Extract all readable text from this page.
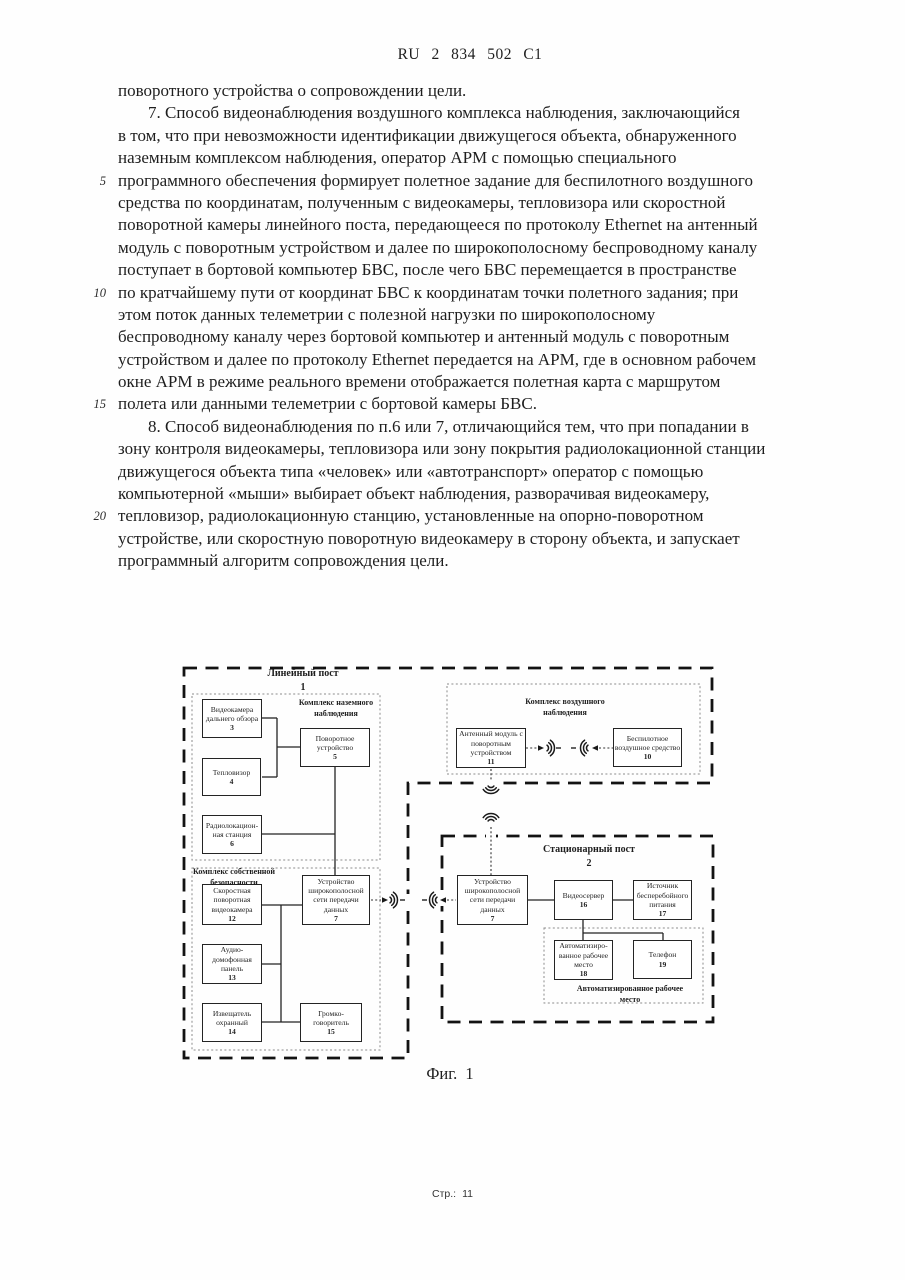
RU 2 834 502 C1
поворотного устройства о сопровождении цели.
7. Способ видеонаблюдения воздушного комплекса наблюдения, заключающийся
в том, что при невозможности идентификации движущегося объекта, обнаруженного
наземным комплексом наблюдения, оператор АРМ с помощью специального
5 программного обеспечения формирует полетное задание для беспилотного воздушного
средства по координатам, полученным с видеокамеры, тепловизора или скоростной
поворотной камеры линейного поста, передающееся по протоколу Ethernet на антенный
модуль с поворотным устройством и далее по широкополосному беспроводному каналу
поступает в бортовой компьютер БВС, после чего БВС перемещается в пространстве
10 по кратчайшему пути от координат БВС к координатам точки полетного задания; при
этом поток данных телеметрии с полезной нагрузки по широкополосному
беспроводному каналу через бортовой компьютер и антенный модуль с поворотным
устройством и далее по протоколу Ethernet передается на АРМ, где в основном рабочем
окне АРМ в режиме реального времени отображается полетная карта с маршрутом
15 полета или данными телеметрии с бортовой камеры БВС.
8. Способ видеонаблюдения по п.6 или 7, отличающийся тем, что при попадании в
зону контроля видеокамеры, тепловизора или зону покрытия радиолокационной станции
движущегося объекта типа «человек» или «автотранспорт» оператор с помощью
компьютерной «мыши» выбирает объект наблюдения, разворачивая видеокамеру,
20 тепловизор, радиолокационную станцию, установленные на опорно-поворотном
устройстве, или скоростную поворотную видеокамеру в сторону объекта, и запускает
программный алгоритм сопровождения цели.
Видеокамера
дальнего обзора
3
Тепловизор
4
Поворотное
устройство
5
Радиолокацион-
ная станция
6
Скоростная
поворотная
видеокамера
12
Устройство
широкополосной
сети передачи
данных
7
Аудио-
домофонная
панель
13
Извещатель
охранный
14
Громко-
говоритель
15
Антенный модуль с
поворотным
устройством
11
Беспилотное
воздушное средство
10
Устройство
широкополосной
сети передачи
данных
7
Видеосервер
16
Источник
бесперебойного
питания
17
Автоматизиро-
ванное рабочее
место
18
Телефон
19
Линейный пост
1
Комплекс наземного
наблюдения
Комплекс воздушного
наблюдения
Комплекс собственной
безопасности
Стационарный пост
2
Автоматизированное рабочее
место
Фиг. 1
Стр.: 11
